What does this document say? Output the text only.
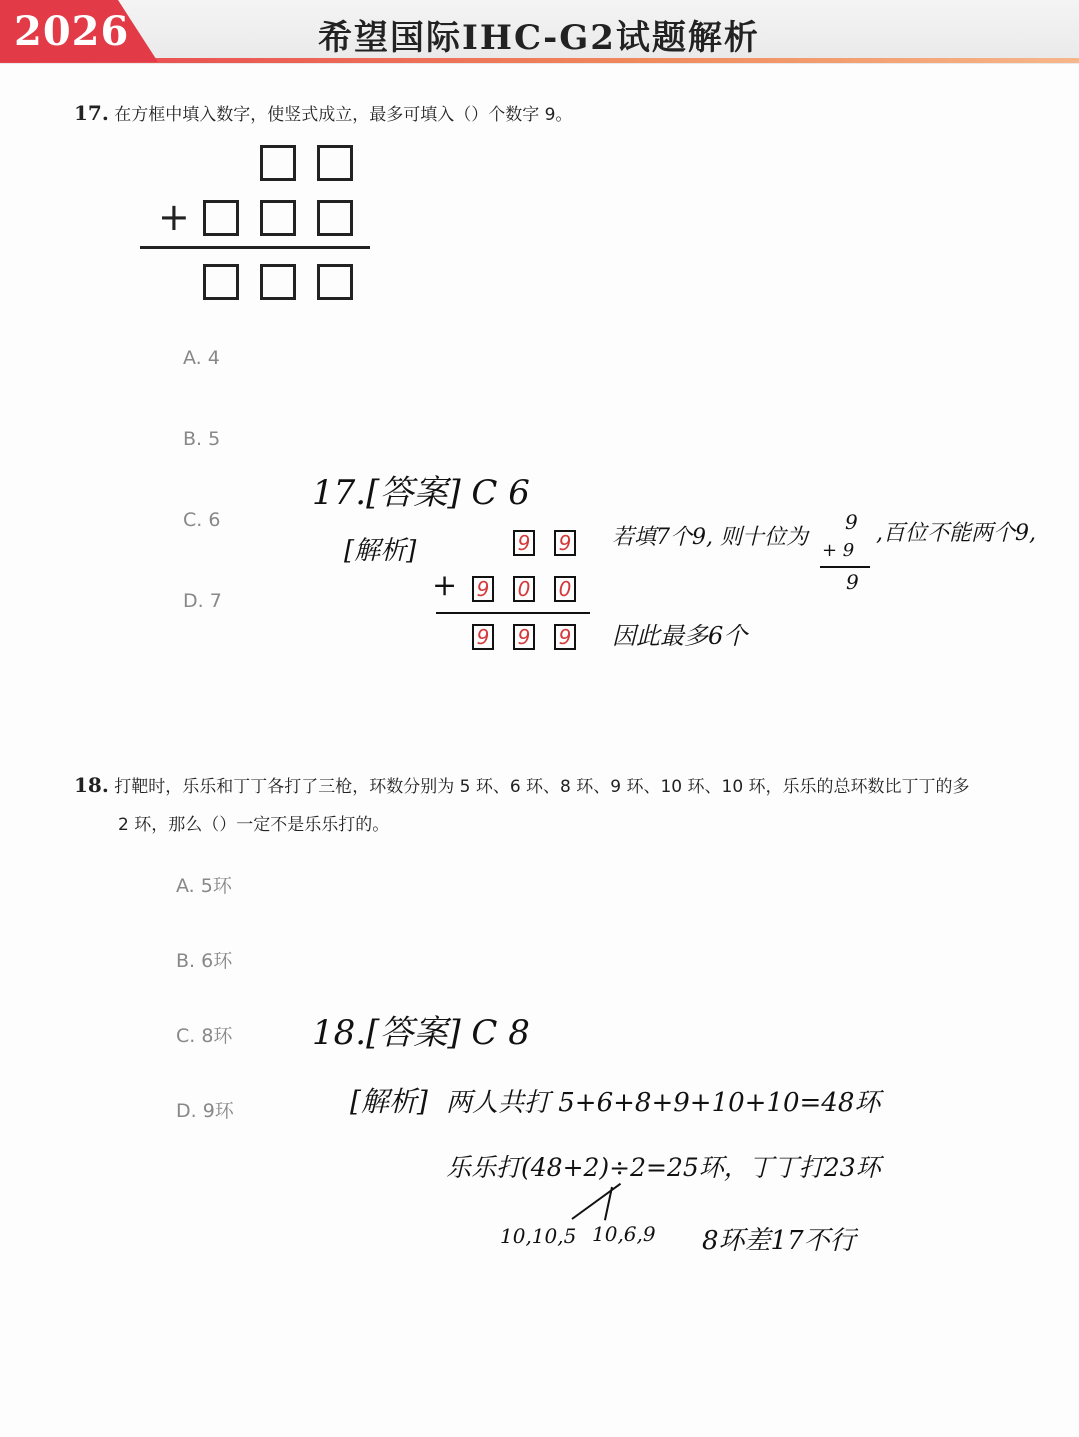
2026	希望国际IHC-G2试题解析
17. 在方框中填入数字，使竖式成立，最多可填入（）个数字 9。
+
A. 4
B. 5
C. 6
D. 7
17.[答案] C 6
[解析]	9 9
+ 9 0 0
9 9 9
若填7个9, 则十位为
9
+ 9
9
,百位不能两个9,
因此最多6个
18. 打靶时，乐乐和丁丁各打了三枪，环数分别为 5 环、6 环、8 环、9 环、10 环、10 环，乐乐的总环数比丁丁的多
2 环，那么（）一定不是乐乐打的。
A. 5环
B. 6环
C. 8环
D. 9环
18.[答案] C 8
[解析] 两人共打 5+6+8+9+10+10=48环
乐乐打(48+2)÷2=25环，丁丁打23环
10,10,5 10,6,9 8环差17不行
